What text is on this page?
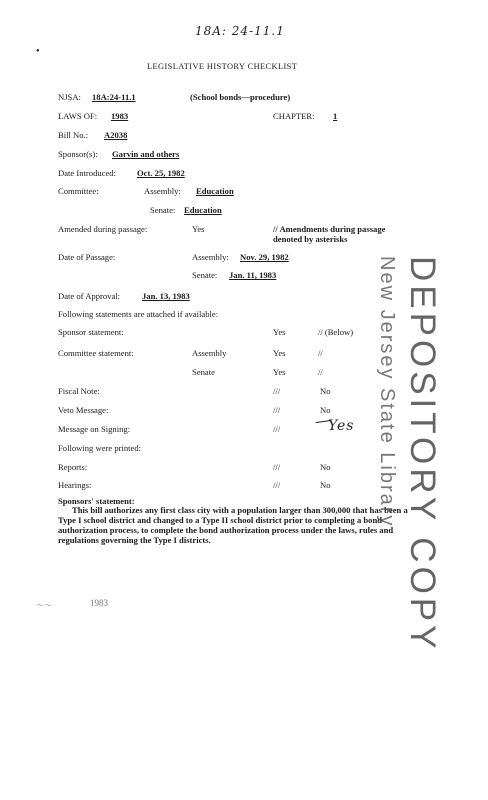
18A: 24-11.1
•
LEGISLATIVE HISTORY CHECKLIST
NJSA: 18A:24-11.1	(School bonds—procedure)
LAWS OF: 1983	CHAPTER: 1
Bill No.: A2038
Sponsor(s): Garvin and others
Date Introduced: Oct. 25, 1982
Committee:	Assembly: Education
Senate: Education
Amended during passage:	Yes	// Amendments during passage
denoted by asterisks
Date of Passage:	Assembly: Nov. 29, 1982
Senate: Jan. 11, 1983
Date of Approval:	Jan. 13, 1983
Following statements are attached if available:
Sponsor statement:	Yes	// (Below)
Committee statement:	Assembly	Yes	//
Senate	Yes	//
Fiscal Note:	///	No
Veto Message:	///	No
Message on Signing:	///	Yes
Following were printed:
Reports:	///	No
Hearings:	///	No
Sponsors' statement:
This bill authorizes any first class city with a population larger than 300,000 that has been a Type I school district and changed to a Type II school district prior to completing a bond authorization process, to complete the bond authorization process under the laws, rules and regulations governing the Type I districts.	DEPOSITORY COPY
New Jersey State Library
～～	1983
